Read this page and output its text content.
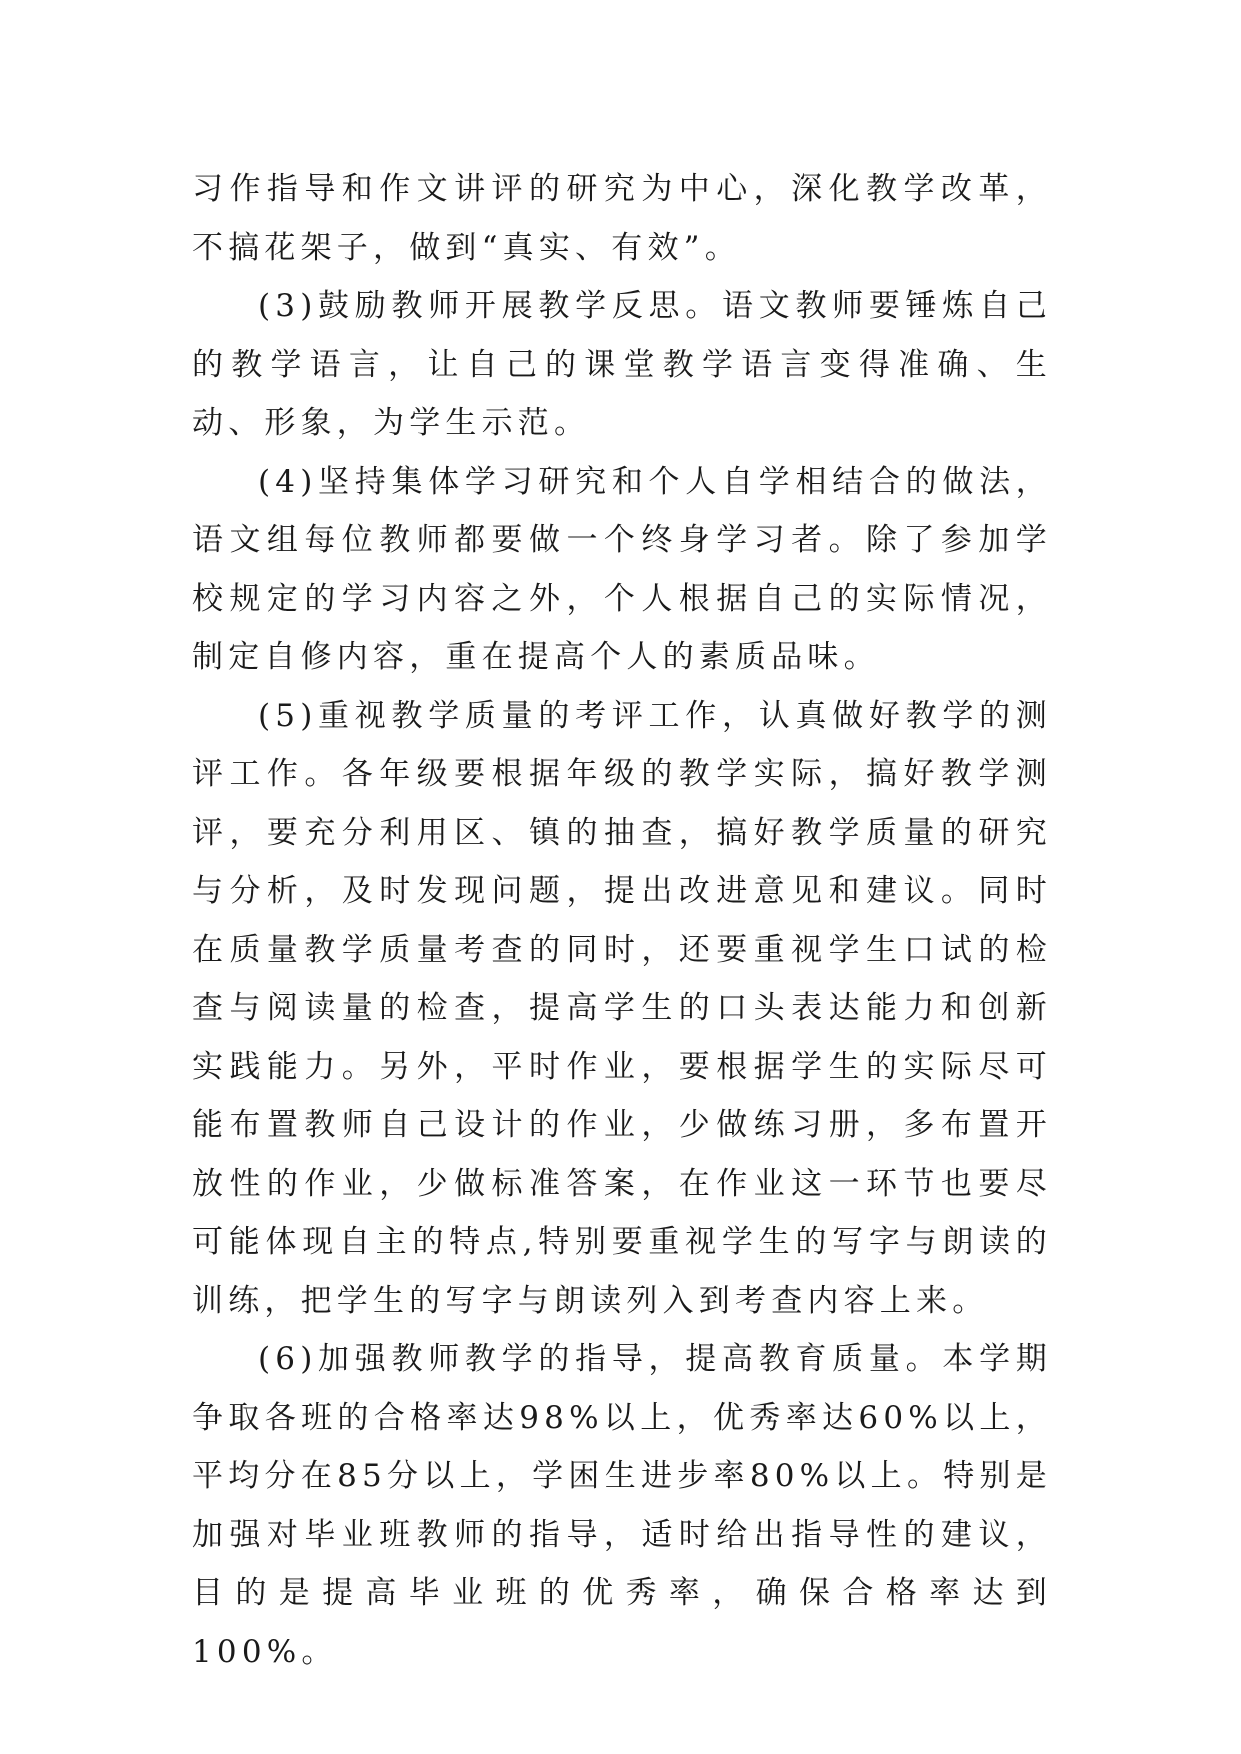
习作指导和作文讲评的研究为中心，深化教学改革，不搞花架子，做到“真实、有效”。

(3)鼓励教师开展教学反思。语文教师要锤炼自己的教学语言，让自己的课堂教学语言变得准确、生动、形象，为学生示范。

(4)坚持集体学习研究和个人自学相结合的做法，语文组每位教师都要做一个终身学习者。除了参加学校规定的学习内容之外，个人根据自己的实际情况，制定自修内容，重在提高个人的素质品味。

(5)重视教学质量的考评工作，认真做好教学的测评工作。各年级要根据年级的教学实际，搞好教学测评，要充分利用区、镇的抽查，搞好教学质量的研究与分析，及时发现问题，提出改进意见和建议。同时在质量教学质量考查的同时，还要重视学生口试的检查与阅读量的检查，提高学生的口头表达能力和创新实践能力。另外，平时作业，要根据学生的实际尽可能布置教师自己设计的作业，少做练习册，多布置开放性的作业，少做标准答案，在作业这一环节也要尽可能体现自主的特点,特别要重视学生的写字与朗读的训练，把学生的写字与朗读列入到考查内容上来。

(6)加强教师教学的指导，提高教育质量。本学期争取各班的合格率达98%以上，优秀率达60%以上，平均分在85分以上，学困生进步率80%以上。特别是加强对毕业班教师的指导，适时给出指导性的建议，目的是提高毕业班的优秀率，确保合格率达到100%。
